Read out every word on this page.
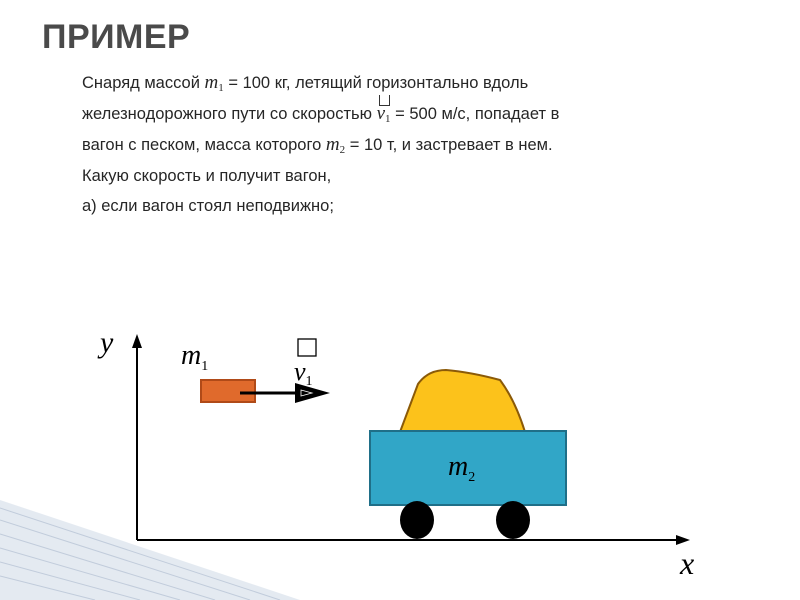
ПРИМЕР

Снаряд массой $m_1 = 100$ кг, летящий горизонтально вдоль
железнодорожного пути со скоростью
$v_1 = 500$ м/с, попадает в
вагон с песком, масса которого $m_2 = 10$ т, и застревает в нем.
Какую скорость и получит вагон,

а) если вагон стоял неподвижно;

y
x
$m_1$	v1
$m_2$
